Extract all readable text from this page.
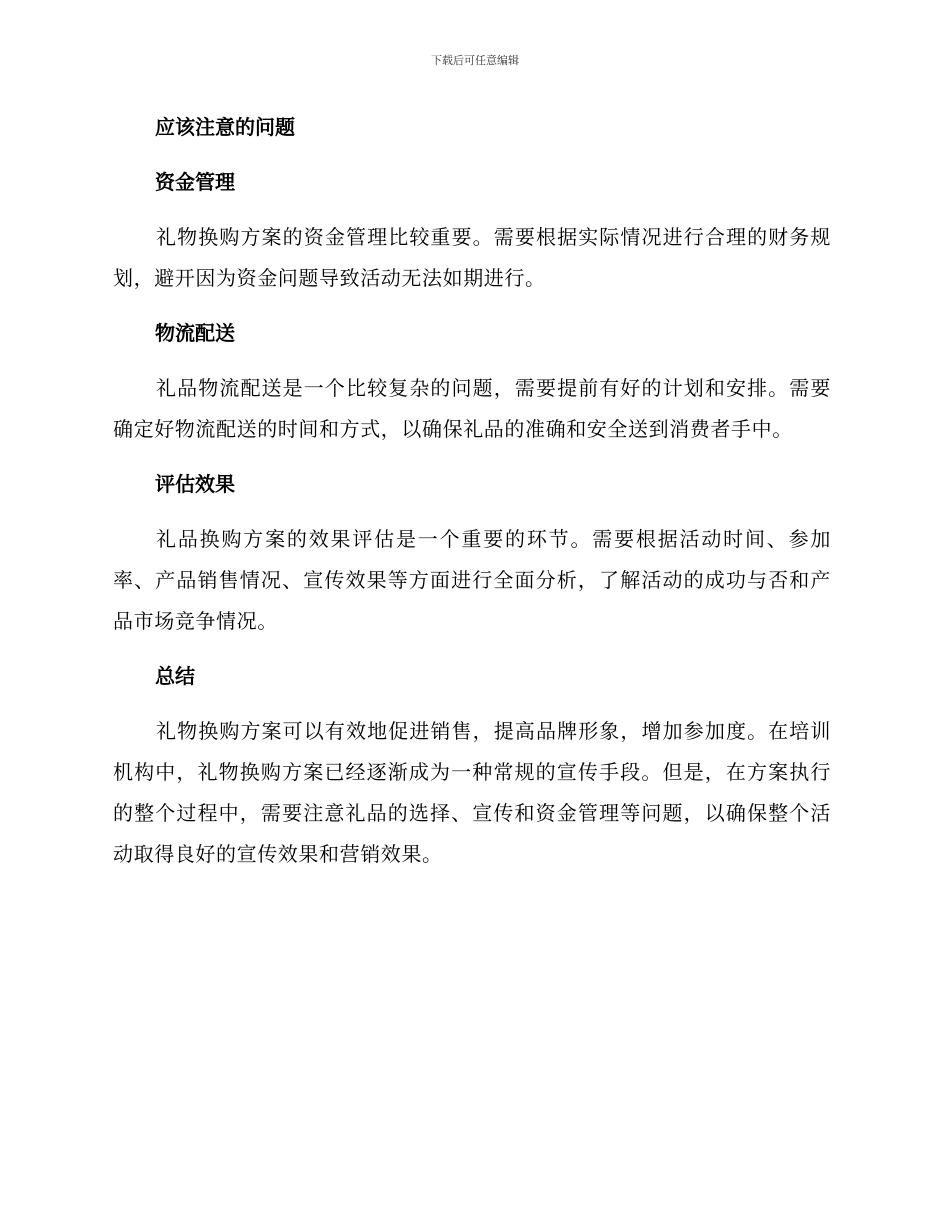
下载后可任意编辑
应该注意的问题
资金管理

礼物换购方案的资金管理比较重要。需要根据实际情况进行合理的财务规划，避开因为资金问题导致活动无法如期进行。

物流配送

礼品物流配送是一个比较复杂的问题，需要提前有好的计划和安排。需要确定好物流配送的时间和方式，以确保礼品的准确和安全送到消费者手中。

评估效果

礼品换购方案的效果评估是一个重要的环节。需要根据活动时间、参加率、产品销售情况、宣传效果等方面进行全面分析，了解活动的成功与否和产品市场竞争情况。

总结

礼物换购方案可以有效地促进销售，提高品牌形象，增加参加度。在培训机构中，礼物换购方案已经逐渐成为一种常规的宣传手段。但是，在方案执行的整个过程中，需要注意礼品的选择、宣传和资金管理等问题，以确保整个活动取得良好的宣传效果和营销效果。
